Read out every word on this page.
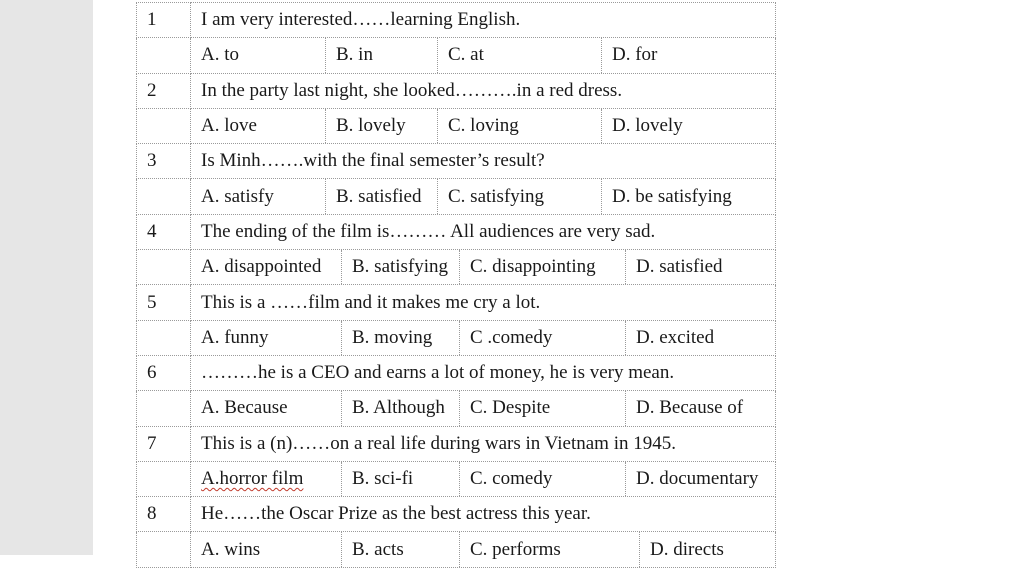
1	I am very interested……learning English.

	A. to B. in C. at D. for

2	In the party last night, she looked……….in a red dress.

	A. love B. lovely C. loving D. lovely

3	Is Minh…….with the final semester’s result?

	A. satisfy B. satisfied C. satisfying D. be satisfying

4	The ending of the film is……… All audiences are very sad.

	A. disappointed B. satisfying C. disappointing D. satisfied

5	This is a ……film and it makes me cry a lot.

	A. funny B. moving C .comedy D. excited

6	………he is a CEO and earns a lot of money, he is very mean.

	A. Because B. Although C. Despite D. Because of

7	This is a (n)……on a real life during wars in Vietnam in 1945.

	A.horror film B. sci-fi C. comedy D. documentary

8	He……the Oscar Prize as the best actress this year.

	A. wins B. acts C. performs D. directs
